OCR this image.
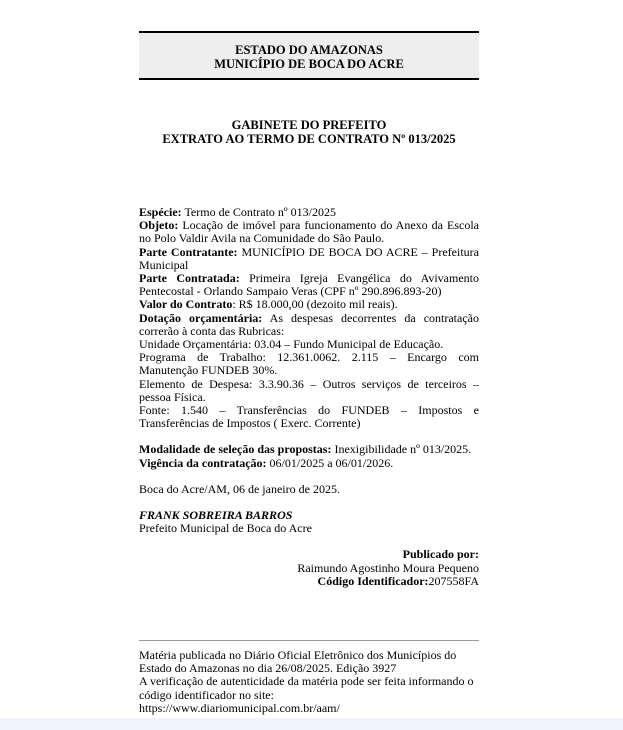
ESTADO DO AMAZONAS
MUNICÍPIO DE BOCA DO ACRE
GABINETE DO PREFEITO
EXTRATO AO TERMO DE CONTRATO Nº 013/2025

Espécie: Termo de Contrato nº 013/2025

Objeto: Locação de imóvel para funcionamento do Anexo da Escola no Polo Valdir Avila na Comunidade do São Paulo.

Parte Contratante: MUNICÍPIO DE BOCA DO ACRE – Prefeitura Municipal

Parte Contratada: Primeira Igreja Evangélica do Avivamento Pentecostal - Orlando Sampaio Veras (CPF nº 290.896.893-20)

Valor do Contrato: R$ 18.000,00 (dezoito mil reais).

Dotação orçamentária: As despesas decorrentes da contratação correrão à conta das Rubricas:

Unidade Orçamentária: 03.04 – Fundo Municipal de Educação.

Programa de Trabalho: 12.361.0062. 2.115 – Encargo com Manutenção FUNDEB 30%.

Elemento de Despesa: 3.3.90.36 – Outros serviços de terceiros – pessoa Física.

Fonte: 1.540 – Transferências do FUNDEB – Impostos e Transferências de Impostos ( Exerc. Corrente)

Modalidade de seleção das propostas: Inexigibilidade nº 013/2025.

Vigência da contratação: 06/01/2025 a 06/01/2026.

Boca do Acre/AM, 06 de janeiro de 2025.

FRANK SOBREIRA BARROS

Prefeito Municipal de Boca do Acre

Publicado por:

Raimundo Agostinho Moura Pequeno

Código Identificador:207558FA

Matéria publicada no Diário Oficial Eletrônico dos Municípios do Estado do Amazonas no dia 26/08/2025. Edição 3927
A verificação de autenticidade da matéria pode ser feita informando o código identificador no site:
https://www.diariomunicipal.com.br/aam/
